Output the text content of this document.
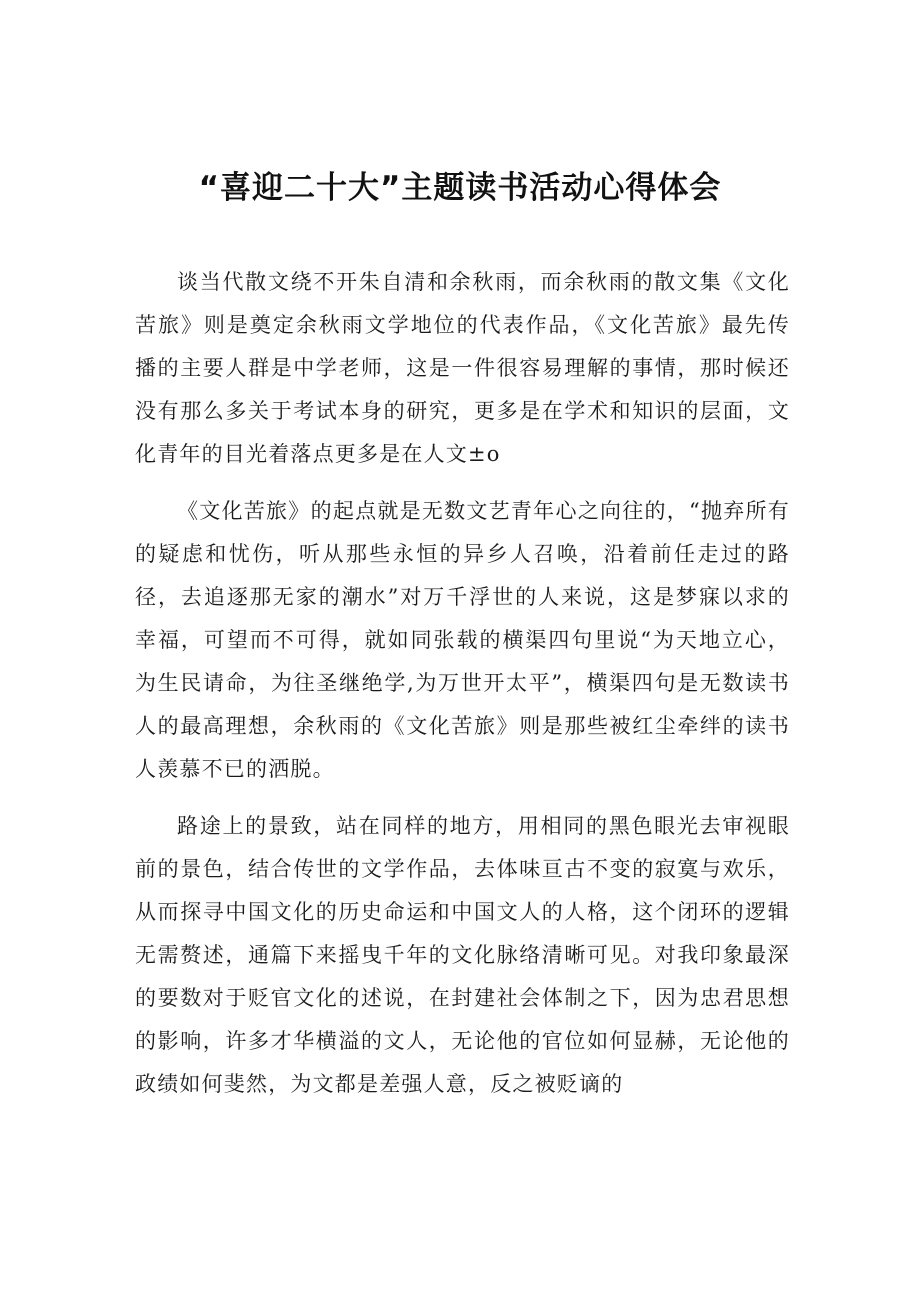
“喜迎二十大”主题读书活动心得体会

谈当代散文绕不开朱自清和余秋雨，而余秋雨的散文集《文化苦旅》则是奠定余秋雨文学地位的代表作品，《文化苦旅》最先传播的主要人群是中学老师，这是一件很容易理解的事情，那时候还没有那么多关于考试本身的研究，更多是在学术和知识的层面，文化青年的目光着落点更多是在人文±o

《文化苦旅》的起点就是无数文艺青年心之向往的，“抛弃所有的疑虑和忧伤，听从那些永恒的异乡人召唤，沿着前任走过的路径，去追逐那无家的潮水”对万千浮世的人来说，这是梦寐以求的幸福，可望而不可得，就如同张载的横渠四句里说“为天地立心，为生民请命，为往圣继绝学,为万世开太平”，横渠四句是无数读书人的最高理想，余秋雨的《文化苦旅》则是那些被红尘牵绊的读书人羡慕不已的洒脱。

路途上的景致，站在同样的地方，用相同的黑色眼光去审视眼前的景色，结合传世的文学作品，去体味亘古不变的寂寞与欢乐，从而探寻中国文化的历史命运和中国文人的人格，这个闭环的逻辑无需赘述，通篇下来摇曳千年的文化脉络清晰可见。对我印象最深的要数对于贬官文化的述说，在封建社会体制之下，因为忠君思想的影响，许多才华横溢的文人，无论他的官位如何显赫，无论他的政绩如何斐然，为文都是差强人意，反之被贬谪的
